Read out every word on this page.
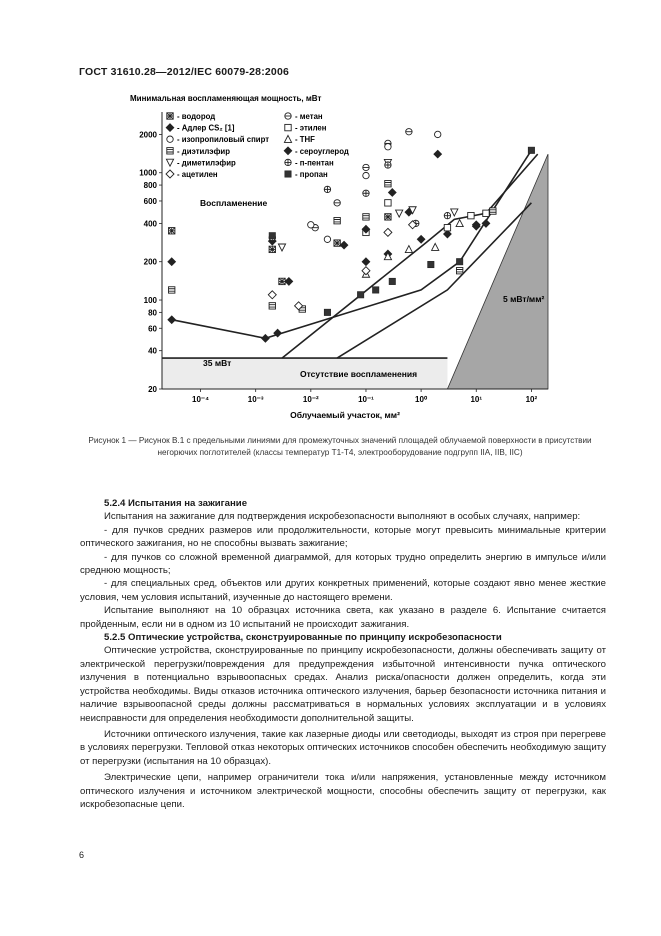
ГОСТ 31610.28—2012/IEC 60079-28:2006
Минимальная воспламеняющая мощность, мВт
20
40
60
80
100
200
400
600
800
1000
2000
10⁻⁴	10⁻³	10⁻²	10⁻¹	10⁰	10¹	10²
- водород	- метан
- Адлер CS₂ [1]	- этилен
- изопропиловый спирт	- THF
- диэтилэфир	- сероуглерод
- диметилэфир	- п-пентан
- ацетилен	- пропан
Воспламенение
Отсутствие воспламенения
35 мВт
5 мВт/мм²
Облучаемый участок, мм²
Рисунок 1 — Рисунок В.1 с предельными линиями для промежуточных значений площадей облучаемой поверхности в присутствии негорючих поглотителей (классы температур Т1-Т4, электрооборудование подгрупп IIА, IIВ, IIС)
5.2.4 Испытания на зажигание

Испытания на зажигание для подтверждения искробезопасности выполняют в особых случаях, например:

- для пучков средних размеров или продолжительности, которые могут превысить минимальные критерии оптического зажигания, но не способны вызвать зажигание;

- для пучков со сложной временной диаграммой, для которых трудно определить энергию в импульсе и/или среднюю мощность;

- для специальных сред, объектов или других конкретных применений, которые создают явно менее жесткие условия, чем условия испытаний, изученные до настоящего времени.

Испытание выполняют на 10 образцах источника света, как указано в разделе 6. Испытание считается пройденным, если ни в одном из 10 испытаний не происходит зажигания.

5.2.5 Оптические устройства, сконструированные по принципу искробезопасности

Оптические устройства, сконструированные по принципу искробезопасности, должны обеспечивать защиту от электрической перегрузки/повреждения для предупреждения избыточной интенсивности пучка оптического излучения в потенциально взрывоопасных средах. Анализ риска/опасности должен определить, когда эти устройства необходимы. Виды отказов источника оптического излучения, барьер безопасности источника питания и наличие взрывоопасной среды должны рассматриваться в нормальных условиях эксплуатации и в условиях неисправности для определения необходимости дополнительной защиты.

Источники оптического излучения, такие как лазерные диоды или светодиоды, выходят из строя при перегреве в условиях перегрузки. Тепловой отказ некоторых оптических источников способен обеспечить необходимую защиту от перегрузки (испытания на 10 образцах).

Электрические цепи, например ограничители тока и/или напряжения, установленные между источником оптического излучения и источником электрической мощности, способны обеспечить защиту от перегрузки, как искробезопасные цепи.

6
